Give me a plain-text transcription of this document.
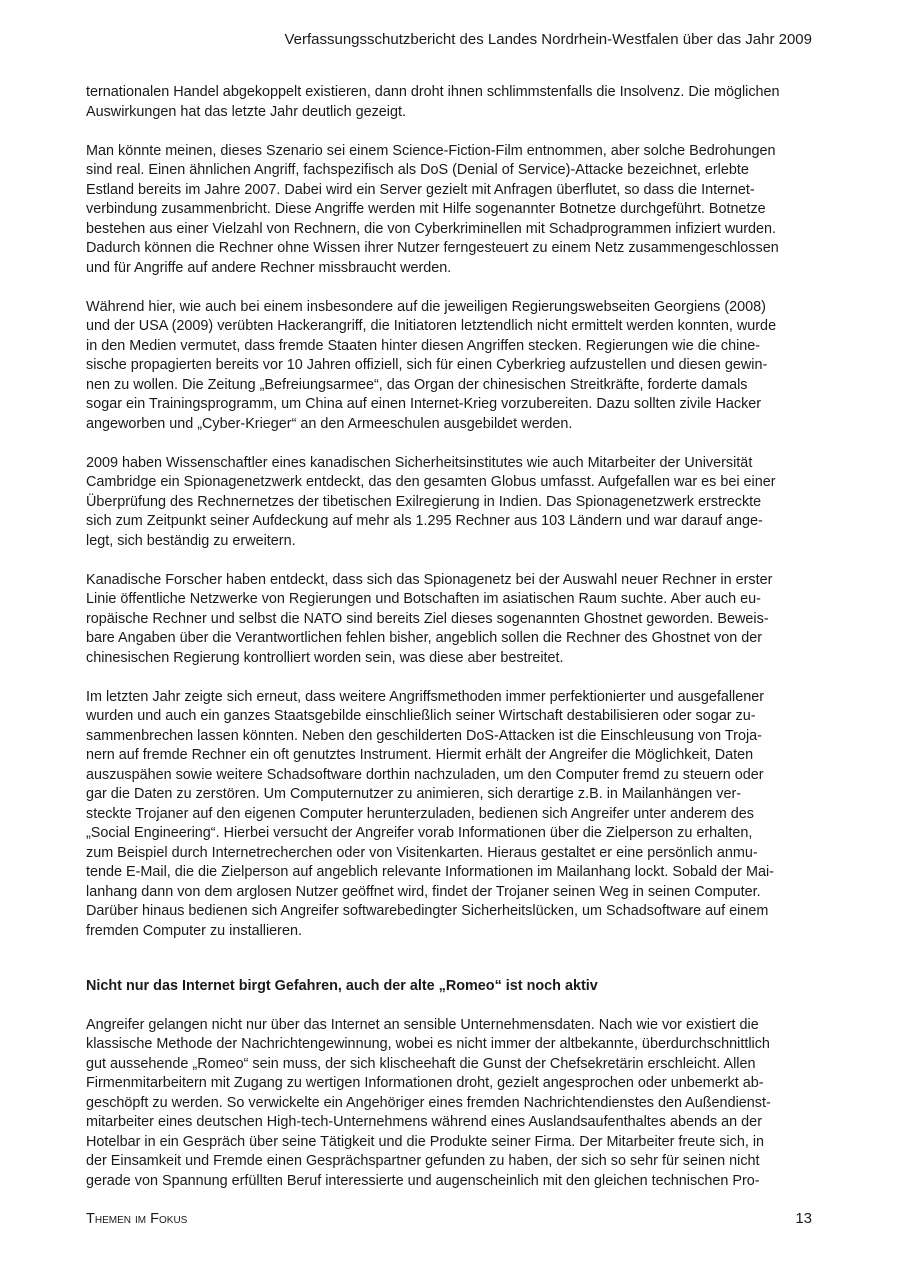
Verfassungsschutzbericht des Landes Nordrhein-Westfalen über das Jahr 2009

ternationalen Handel abgekoppelt existieren, dann droht ihnen schlimmstenfalls die Insolvenz. Die möglichen
Auswirkungen hat das letzte Jahr deutlich gezeigt.

Man könnte meinen, dieses Szenario sei einem Science-Fiction-Film entnommen, aber solche Bedrohungen
sind real. Einen ähnlichen Angriff, fachspezifisch als DoS (Denial of Service)-Attacke bezeichnet, erlebte
Estland bereits im Jahre 2007. Dabei wird ein Server gezielt mit Anfragen überflutet, so dass die Internet-
verbindung zusammenbricht. Diese Angriffe werden mit Hilfe sogenannter Botnetze durchgeführt. Botnetze
bestehen aus einer Vielzahl von Rechnern, die von Cyberkriminellen mit Schadprogrammen infiziert wurden.
Dadurch können die Rechner ohne Wissen ihrer Nutzer ferngesteuert zu einem Netz zusammengeschlossen
und für Angriffe auf andere Rechner missbraucht werden.

Während hier, wie auch bei einem insbesondere auf die jeweiligen Regierungswebseiten Georgiens (2008)
und der USA (2009) verübten Hackerangriff, die Initiatoren letztendlich nicht ermittelt werden konnten, wurde
in den Medien vermutet, dass fremde Staaten hinter diesen Angriffen stecken. Regierungen wie die chine-
sische propagierten bereits vor 10 Jahren offiziell, sich für einen Cyberkrieg aufzustellen und diesen gewin-
nen zu wollen. Die Zeitung „Befreiungsarmee“, das Organ der chinesischen Streitkräfte, forderte damals
sogar ein Trainingsprogramm, um China auf einen Internet-Krieg vorzubereiten. Dazu sollten zivile Hacker
angeworben und „Cyber-Krieger“ an den Armeeschulen ausgebildet werden.

2009 haben Wissenschaftler eines kanadischen Sicherheitsinstitutes wie auch Mitarbeiter der Universität
Cambridge ein Spionagenetzwerk entdeckt, das den gesamten Globus umfasst. Aufgefallen war es bei einer
Überprüfung des Rechnernetzes der tibetischen Exilregierung in Indien. Das Spionagenetzwerk erstreckte
sich zum Zeitpunkt seiner Aufdeckung auf mehr als 1.295 Rechner aus 103 Ländern und war darauf ange-
legt, sich beständig zu erweitern.

Kanadische Forscher haben entdeckt, dass sich das Spionagenetz bei der Auswahl neuer Rechner in erster
Linie öffentliche Netzwerke von Regierungen und Botschaften im asiatischen Raum suchte. Aber auch eu-
ropäische Rechner und selbst die NATO sind bereits Ziel dieses sogenannten Ghostnet geworden. Beweis-
bare Angaben über die Verantwortlichen fehlen bisher, angeblich sollen die Rechner des Ghostnet von der
chinesischen Regierung kontrolliert worden sein, was diese aber bestreitet.

Im letzten Jahr zeigte sich erneut, dass weitere Angriffsmethoden immer perfektionierter und ausgefallener
wurden und auch ein ganzes Staatsgebilde einschließlich seiner Wirtschaft destabilisieren oder sogar zu-
sammenbrechen lassen könnten. Neben den geschilderten DoS-Attacken ist die Einschleusung von Troja-
nern auf fremde Rechner ein oft genutztes Instrument. Hiermit erhält der Angreifer die Möglichkeit, Daten
auszuspähen sowie weitere Schadsoftware dorthin nachzuladen, um den Computer fremd zu steuern oder
gar die Daten zu zerstören. Um Computernutzer zu animieren, sich derartige z.B. in Mailanhängen ver-
steckte Trojaner auf den eigenen Computer herunterzuladen, bedienen sich Angreifer unter anderem des
„Social Engineering“. Hierbei versucht der Angreifer vorab Informationen über die Zielperson zu erhalten,
zum Beispiel durch Internetrecherchen oder von Visitenkarten. Hieraus gestaltet er eine persönlich anmu-
tende E-Mail, die die Zielperson auf angeblich relevante Informationen im Mailanhang lockt. Sobald der Mai-
lanhang dann von dem arglosen Nutzer geöffnet wird, findet der Trojaner seinen Weg in seinen Computer.
Darüber hinaus bedienen sich Angreifer softwarebedingter Sicherheitslücken, um Schadsoftware auf einem
fremden Computer zu installieren.

Nicht nur das Internet birgt Gefahren, auch der alte „Romeo“ ist noch aktiv

Angreifer gelangen nicht nur über das Internet an sensible Unternehmensdaten. Nach wie vor existiert die
klassische Methode der Nachrichtengewinnung, wobei es nicht immer der altbekannte, überdurchschnittlich
gut aussehende „Romeo“ sein muss, der sich klischeehaft die Gunst der Chefsekretärin erschleicht. Allen
Firmenmitarbeitern mit Zugang zu wertigen Informationen droht, gezielt angesprochen oder unbemerkt ab-
geschöpft zu werden. So verwickelte ein Angehöriger eines fremden Nachrichtendienstes den Außendienst-
mitarbeiter eines deutschen High-tech-Unternehmens während eines Auslandsaufenthaltes abends an der
Hotelbar in ein Gespräch über seine Tätigkeit und die Produkte seiner Firma. Der Mitarbeiter freute sich, in
der Einsamkeit und Fremde einen Gesprächspartner gefunden zu haben, der sich so sehr für seinen nicht
gerade von Spannung erfüllten Beruf interessierte und augenscheinlich mit den gleichen technischen Pro-

Themen im Fokus	13
